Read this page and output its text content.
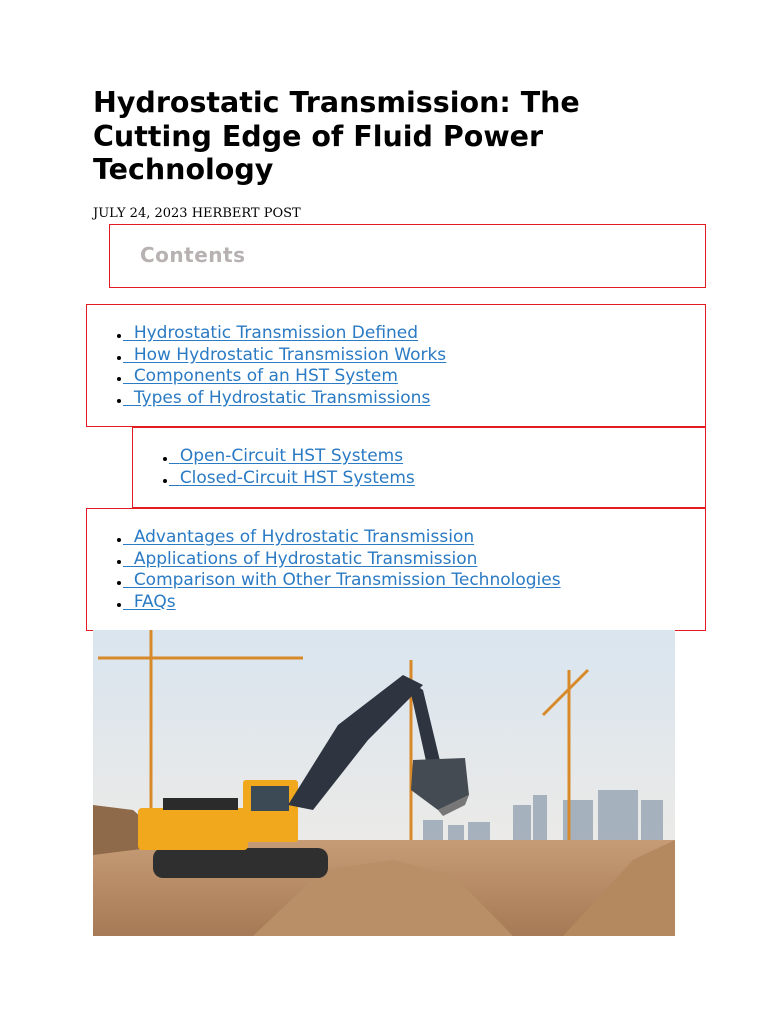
Hydrostatic Transmission: The Cutting Edge of Fluid Power Technology
JULY 24, 2023 HERBERT POST
Contents
Hydrostatic Transmission Defined
How Hydrostatic Transmission Works
Components of an HST System
Types of Hydrostatic Transmissions
Open-Circuit HST Systems
Closed-Circuit HST Systems
Advantages of Hydrostatic Transmission
Applications of Hydrostatic Transmission
Comparison with Other Transmission Technologies
FAQs
